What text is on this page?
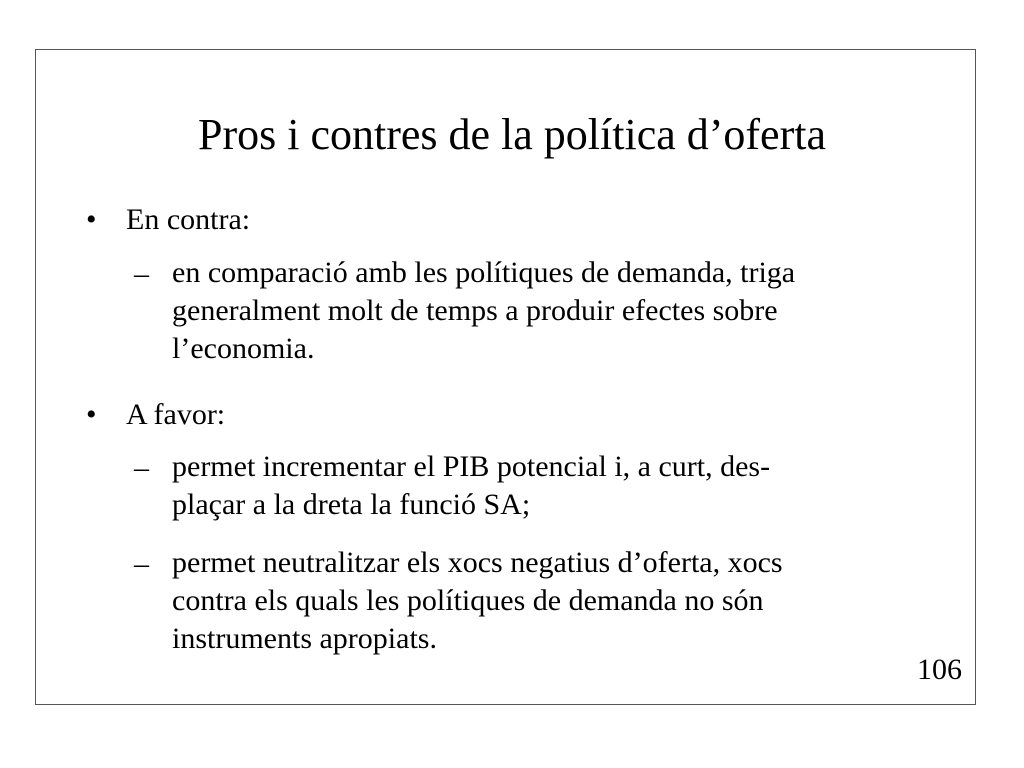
Pros i contres de la política d’oferta
• En contra:
– en comparació amb les polítiques de demanda, triga
generalment molt de temps a produir efectes sobre
l’economia.
• A favor:
– permet incrementar el PIB potencial i, a curt, des-
plaçar a la dreta la funció SA;
– permet neutralitzar els xocs negatius d’oferta, xocs
contra els quals les polítiques de demanda no són
instruments apropiats.
106
